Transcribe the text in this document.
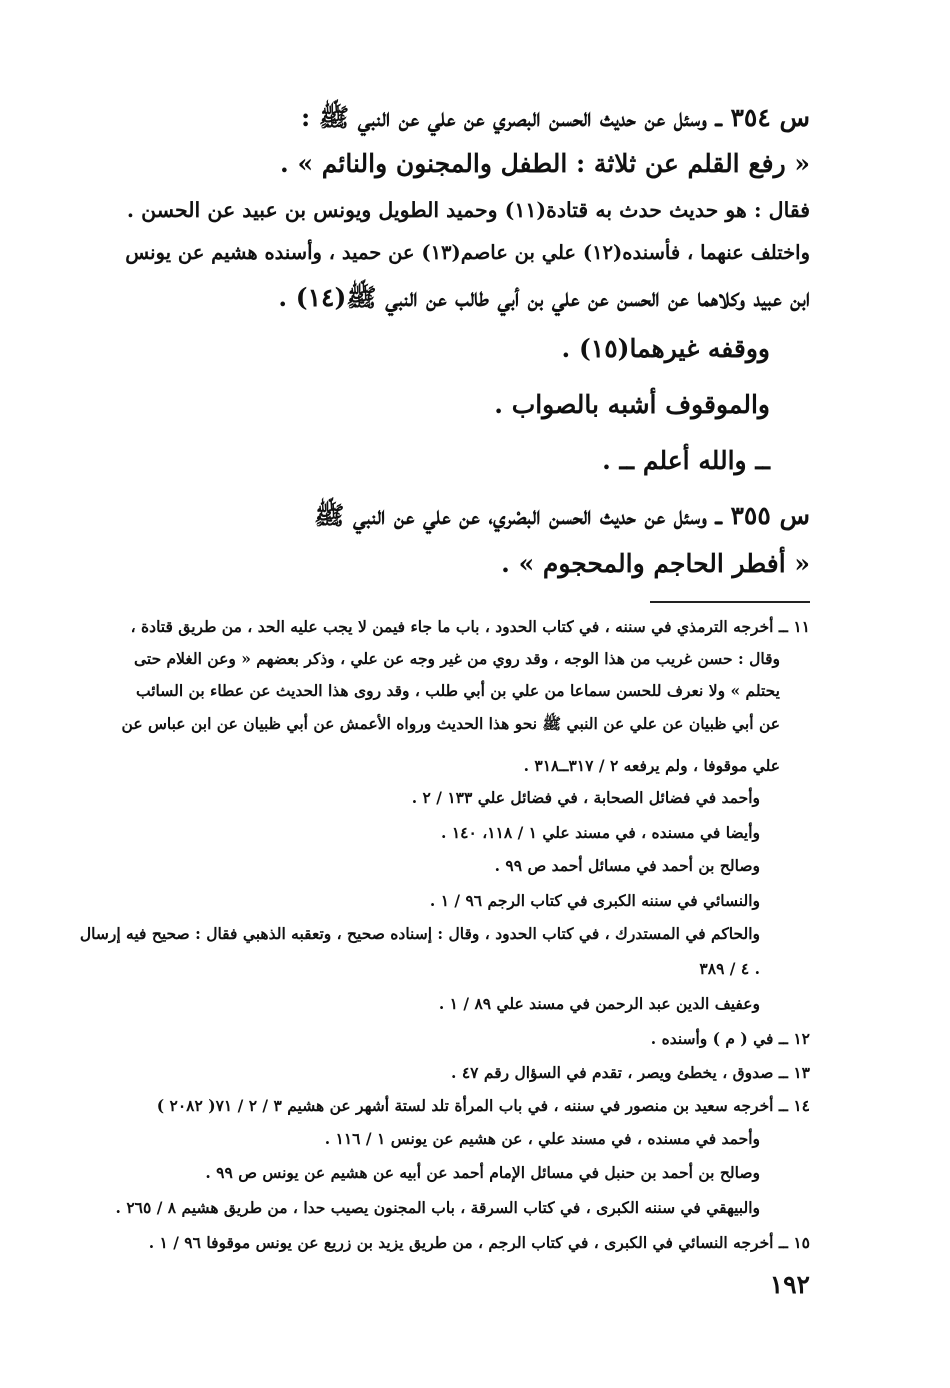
س ٣٥٤ ــ وسئل عن حديث الحسن البصري عن علي عن النبي ﷺ :
« رفع القلم عن ثلاثة : الطفل والمجنون والنائم » .
فقال : هو حديث حدث به قتادة(١١) وحميد الطويل ويونس بن عبيد عن الحسن .
واختلف عنهما ، فأسنده(١٢) علي بن عاصم(١٣) عن حميد ، وأسنده هشيم عن يونس
ابن عبيد وكلاهما عن الحسن عن علي بن أبي طالب عن النبي ﷺ(١٤) .
ووقفه غيرهما(١٥) .
والموقوف أشبه بالصواب .
ــ والله أعلم ــ .
س ٣٥٥ ــ وسئل عن حديث الحسن البصْري، عن علي عن النبي ﷺ
« أفطر الحاجم والمحجوم » .
١١ ــ أخرجه الترمذي في سننه ، في كتاب الحدود ، باب ما جاء فيمن لا يجب عليه الحد ، من طريق قتادة ،
وقال : حسن غريب من هذا الوجه ، وقد روي من غير وجه عن علي ، وذكر بعضهم « وعن الغلام حتى
يحتلم » ولا نعرف للحسن سماعا من علي بن أبي طلب ، وقد روى هذا الحديث عن عطاء بن السائب
عن أبي ظبيان عن علي عن النبي ﷺ نحو هذا الحديث ورواه الأعمش عن أبي ظبيان عن ابن عباس عن
علي موقوفا ، ولم يرفعه ٢ / ٣١٧ــ٣١٨ .
وأحمد في فضائل الصحابة ، في فضائل علي ١٣٣ / ٢ .
وأيضا في مسنده ، في مسند علي ١ / ١١٨، ١٤٠ .
وصالح بن أحمد في مسائل أحمد ص ٩٩ .
والنسائي في سننه الكبرى في كتاب الرجم ٩٦ / ١ .
والحاكم في المستدرك ، في كتاب الحدود ، وقال : إسناده صحيح ، وتعقبه الذهبي فقال : صحيح فيه إرسال
٤ / ٣٨٩ .
وعفيف الدين عبد الرحمن في مسند علي ٨٩ / ١ .
١٢ ــ في ( م ) وأسنده .
١٣ ــ صدوق ، يخطئ ويصر ، تقدم في السؤال رقم ٤٧ .
١٤ ــ أخرجه سعيد بن منصور في سننه ، في باب المرأة تلد لستة أشهر عن هشيم ٣ / ٢ / ٧١( ٢٠٨٢ )
وأحمد في مسنده ، في مسند علي ، عن هشيم عن يونس ١ / ١١٦ .
وصالح بن أحمد بن حنبل في مسائل الإمام أحمد عن أبيه عن هشيم عن يونس ص ٩٩ .
والبيهقي في سننه الكبرى ، في كتاب السرقة ، باب المجنون يصيب حدا ، من طريق هشيم ٨ / ٢٦٥ .
١٥ ــ أخرجه النسائي في الكبرى ، في كتاب الرجم ، من طريق يزيد بن زريع عن يونس موقوفا ٩٦ / ١ .
١٩٢
